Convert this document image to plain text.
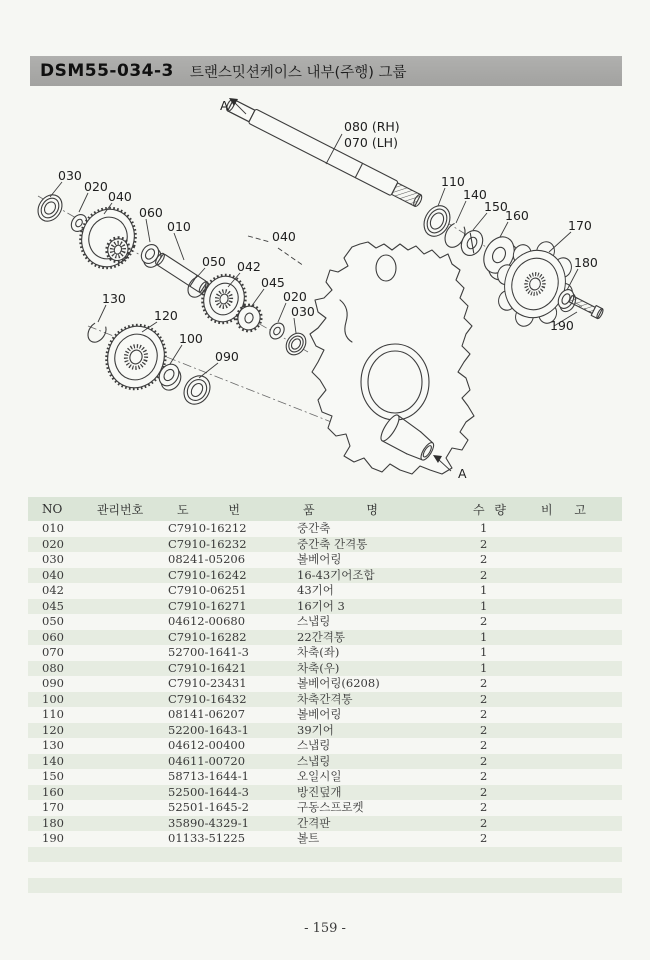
DSM55-034-3 트랜스밋션케이스 내부(주행) 그룹
080 (RH)
070 (LH)
030
020
040
060
010
040
050 042
045
020
030
130
120
100
090
110
140
150
160
170
180
190
A
A
NO	관리번호	도 번	품 명	수 량	비 고
010		C7910-16212	중간축	1	
020		C7910-16232	중간축 간격통	2	
030		08241-05206	볼베어링	2	
040		C7910-16242	16-43기어조합	2	
042		C7910-06251	43기어	1	
045		C7910-16271	16기어 3	1	
050		04612-00680	스냅링	2	
060		C7910-16282	22간격통	1	
070		52700-1641-3	차축(좌)	1	
080		C7910-16421	차축(우)	1	
090		C7910-23431	볼베어링(6208)	2	
100		C7910-16432	차축간격통	2	
110		08141-06207	볼베어링	2	
120		52200-1643-1	39기어	2	
130		04612-00400	스냅링	2	
140		04611-00720	스냅링	2	
150		58713-1644-1	오일시일	2	
160		52500-1644-3	방진덮개	2	
170		52501-1645-2	구동스프로켓	2	
180		35890-4329-1	간격판	2	
190		01133-51225	볼트	2	

- 159 -
